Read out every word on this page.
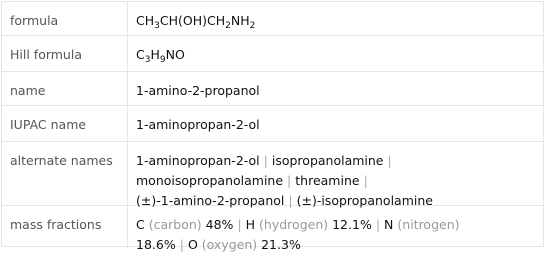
formula	$CH_3CH(OH)CH_2NH_2$
Hill formula	$C_3H_9NO$
name	1-amino-2-propanol
IUPAC name	1-aminopropan-2-ol
alternate names	1-aminopropan-2-ol | isopropanolamine |
monoisopropanolamine | threamine |
(±)-1-amino-2-propanol | (±)-isopropanolamine
mass fractions	C (carbon) 48% | H (hydrogen) 12.1% | N (nitrogen)
18.6% | O (oxygen) 21.3%
